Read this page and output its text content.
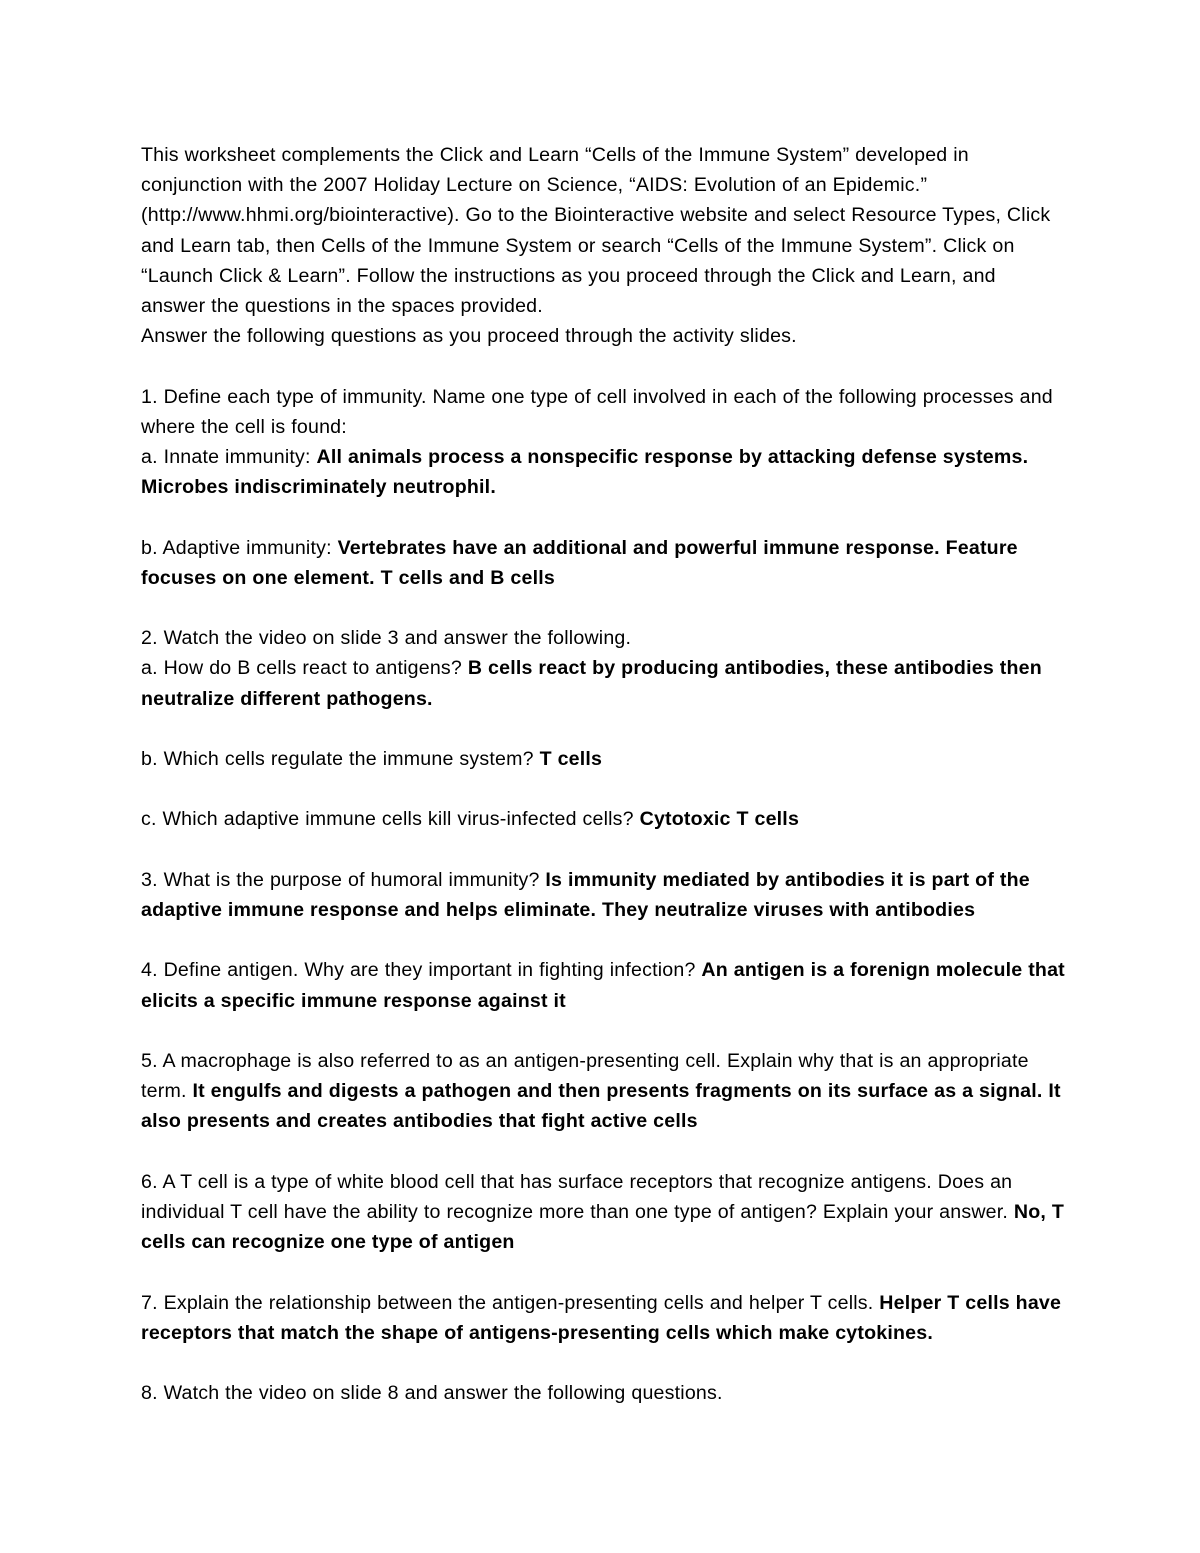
This worksheet complements the Click and Learn “Cells of the Immune System” developed in conjunction with the 2007 Holiday Lecture on Science, “AIDS: Evolution of an Epidemic.” (http://www.hhmi.org/biointeractive). Go to the Biointeractive website and select Resource Types, Click and Learn tab, then Cells of the Immune System or search “Cells of the Immune System”. Click on “Launch Click & Learn”. Follow the instructions as you proceed through the Click and Learn, and answer the questions in the spaces provided.

Answer the following questions as you proceed through the activity slides.

1. Define each type of immunity. Name one type of cell involved in each of the following processes and where the cell is found:

a. Innate immunity: All animals process a nonspecific response by attacking defense systems. Microbes indiscriminately neutrophil.

b. Adaptive immunity: Vertebrates have an additional and powerful immune response. Feature focuses on one element. T cells and B cells

2. Watch the video on slide 3 and answer the following.

a. How do B cells react to antigens? B cells react by producing antibodies, these antibodies then neutralize different pathogens.

b. Which cells regulate the immune system? T cells

c. Which adaptive immune cells kill virus-infected cells? Cytotoxic T cells

3. What is the purpose of humoral immunity? Is immunity mediated by antibodies it is part of the adaptive immune response and helps eliminate. They neutralize viruses with antibodies

4. Define antigen. Why are they important in fighting infection? An antigen is a forenign molecule that elicits a specific immune response against it

5. A macrophage is also referred to as an antigen-presenting cell. Explain why that is an appropriate term. It engulfs and digests a pathogen and then presents fragments on its surface as a signal. It also presents and creates antibodies that fight active cells

6. A T cell is a type of white blood cell that has surface receptors that recognize antigens. Does an individual T cell have the ability to recognize more than one type of antigen? Explain your answer. No, T cells can recognize one type of antigen

7. Explain the relationship between the antigen-presenting cells and helper T cells. Helper T cells have receptors that match the shape of antigens-presenting cells which make cytokines.

8. Watch the video on slide 8 and answer the following questions.
